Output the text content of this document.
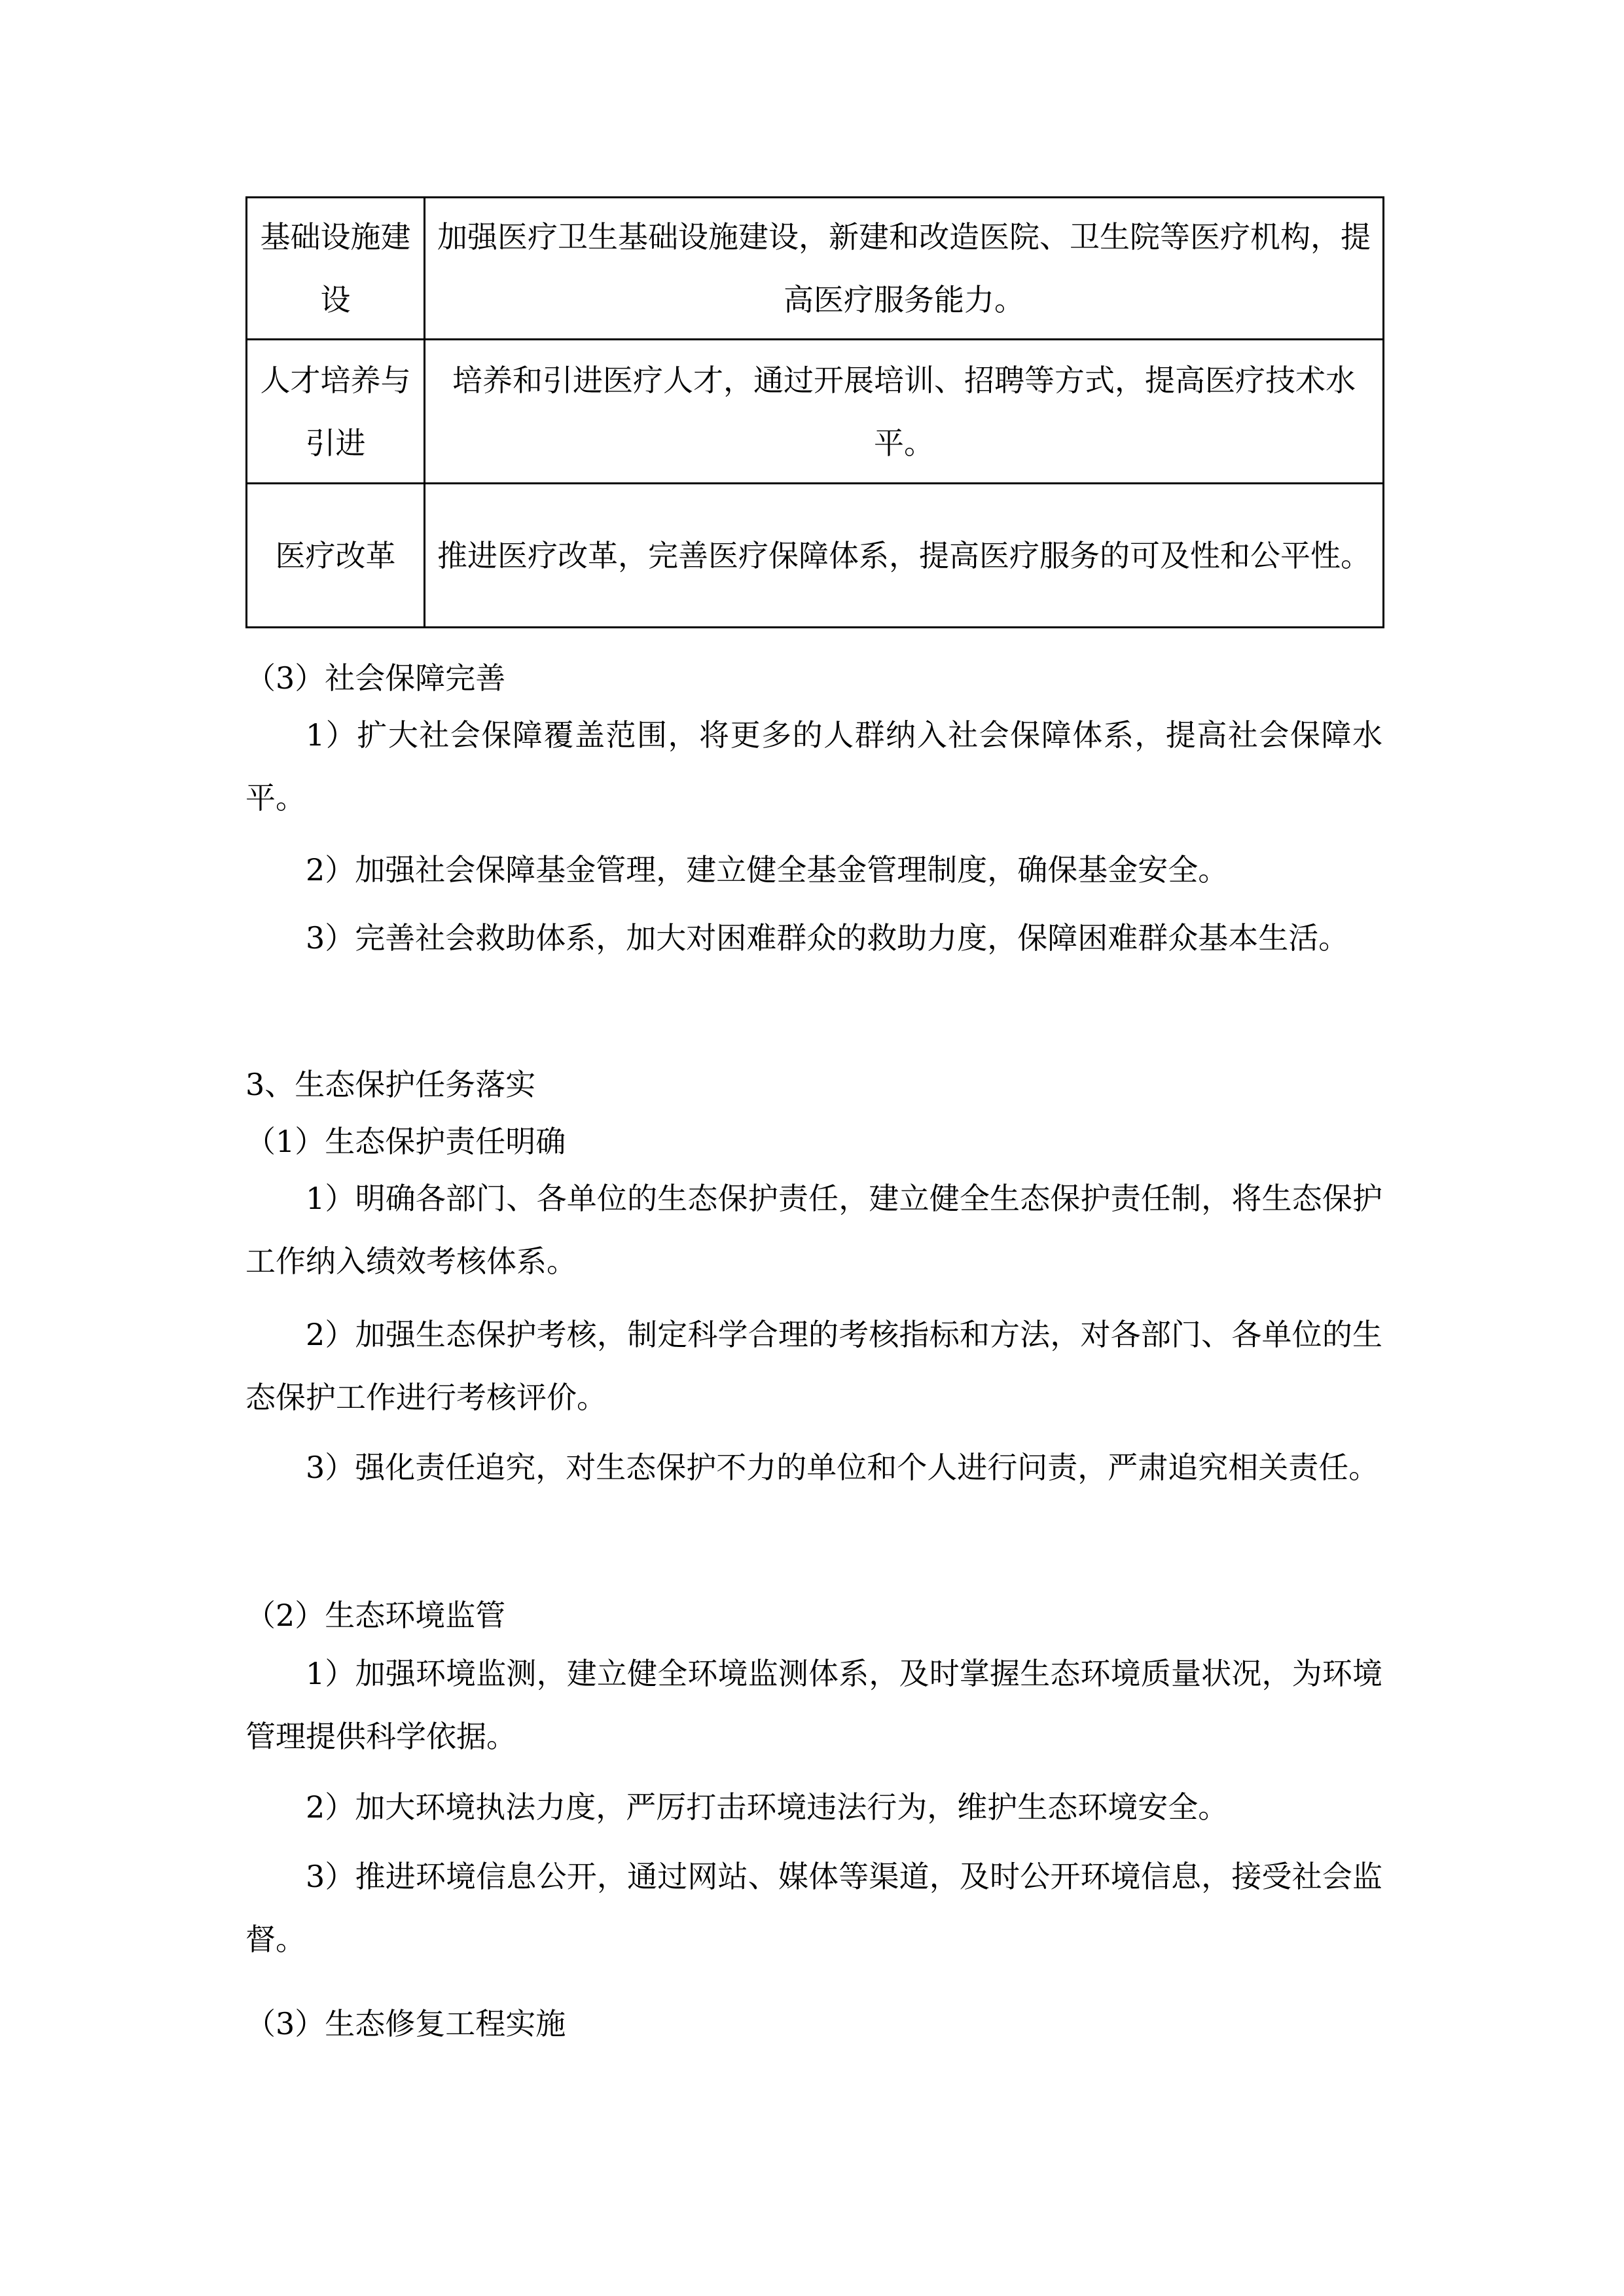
基础设施建设	加强医疗卫生基础设施建设，新建和改造医院、卫生院等医疗机构，提高医疗服务能力。
人才培养与引进	培养和引进医疗人才，通过开展培训、招聘等方式，提高医疗技术水平。
医疗改革	推进医疗改革，完善医疗保障体系，提高医疗服务的可及性和公平性。

（3）社会保障完善

1）扩大社会保障覆盖范围，将更多的人群纳入社会保障体系，提高社会保障水平。

2）加强社会保障基金管理，建立健全基金管理制度，确保基金安全。

3）完善社会救助体系，加大对困难群众的救助力度，保障困难群众基本生活。

3、生态保护任务落实

（1）生态保护责任明确

1）明确各部门、各单位的生态保护责任，建立健全生态保护责任制，将生态保护工作纳入绩效考核体系。

2）加强生态保护考核，制定科学合理的考核指标和方法，对各部门、各单位的生态保护工作进行考核评价。

3）强化责任追究，对生态保护不力的单位和个人进行问责，严肃追究相关责任。

（2）生态环境监管

1）加强环境监测，建立健全环境监测体系，及时掌握生态环境质量状况，为环境管理提供科学依据。

2）加大环境执法力度，严厉打击环境违法行为，维护生态环境安全。

3）推进环境信息公开，通过网站、媒体等渠道，及时公开环境信息，接受社会监督。

（3）生态修复工程实施
